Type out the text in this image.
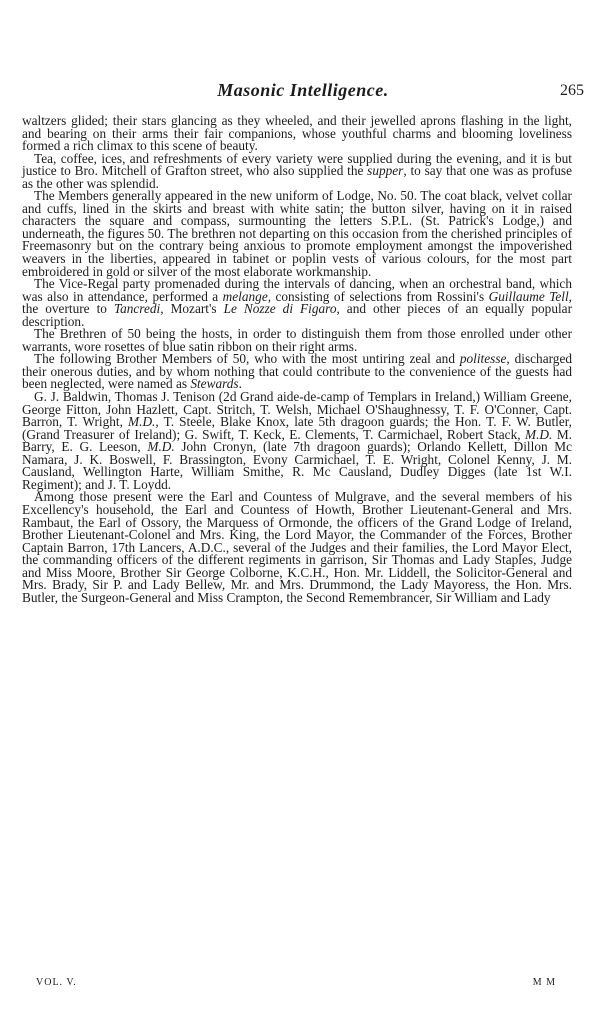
Masonic Intelligence.	265

waltzers glided; their stars glancing as they wheeled, and their jewelled aprons flashing in the light, and bearing on their arms their fair companions, whose youthful charms and blooming loveliness formed a rich climax to this scene of beauty.

Tea, coffee, ices, and refreshments of every variety were supplied during the evening, and it is but justice to Bro. Mitchell of Grafton street, who also supplied the supper, to say that one was as profuse as the other was splendid.

The Members generally appeared in the new uniform of Lodge, No. 50. The coat black, velvet collar and cuffs, lined in the skirts and breast with white satin; the button silver, having on it in raised characters the square and compass, surmounting the letters S.P.L. (St. Patrick's Lodge,) and underneath, the figures 50. The brethren not departing on this occasion from the cherished principles of Freemasonry but on the contrary being anxious to promote employment amongst the impoverished weavers in the liberties, appeared in tabinet or poplin vests of various colours, for the most part embroidered in gold or silver of the most elaborate workmanship.

The Vice-Regal party promenaded during the intervals of dancing, when an orchestral band, which was also in attendance, performed a melange, consisting of selections from Rossini's Guillaume Tell, the overture to Tancredi, Mozart's Le Nozze di Figaro, and other pieces of an equally popular description.

The Brethren of 50 being the hosts, in order to distinguish them from those enrolled under other warrants, wore rosettes of blue satin ribbon on their right arms.

The following Brother Members of 50, who with the most untiring zeal and politesse, discharged their onerous duties, and by whom nothing that could contribute to the convenience of the guests had been neglected, were named as Stewards.

G. J. Baldwin, Thomas J. Tenison (2d Grand aide-de-camp of Templars in Ireland,) William Greene, George Fitton, John Hazlett, Capt. Stritch, T. Welsh, Michael O'Shaughnessy, T. F. O'Conner, Capt. Barron, T. Wright, M.D., T. Steele, Blake Knox, late 5th dragoon guards; the Hon. T. F. W. Butler, (Grand Treasurer of Ireland); G. Swift, T. Keck, E. Clements, T. Carmichael, Robert Stack, M.D. M. Barry, E. G. Leeson, M.D. John Cronyn, (late 7th dragoon guards); Orlando Kellett, Dillon Mc Namara, J. K. Boswell, F. Brassington, Evony Carmichael, T. E. Wright, Colonel Kenny, J. M. Causland, Wellington Harte, William Smithe, R. Mc Causland, Dudley Digges (late 1st W.I. Regiment); and J. T. Loydd.

Among those present were the Earl and Countess of Mulgrave, and the several members of his Excellency's household, the Earl and Countess of Howth, Brother Lieutenant-General and Mrs. Rambaut, the Earl of Ossory, the Marquess of Ormonde, the officers of the Grand Lodge of Ireland, Brother Lieutenant-Colonel and Mrs. King, the Lord Mayor, the Commander of the Forces, Brother Captain Barron, 17th Lancers, A.D.C., several of the Judges and their families, the Lord Mayor Elect, the commanding officers of the different regiments in garrison, Sir Thomas and Lady Staples, Judge and Miss Moore, Brother Sir George Colborne, K.C.H., Hon. Mr. Liddell, the Solicitor-General and Mrs. Brady, Sir P. and Lady Bellew, Mr. and Mrs. Drummond, the Lady Mayoress, the Hon. Mrs. Butler, the Surgeon-General and Miss Crampton, the Second Remembrancer, Sir William and Lady

VOL. V.	M M
